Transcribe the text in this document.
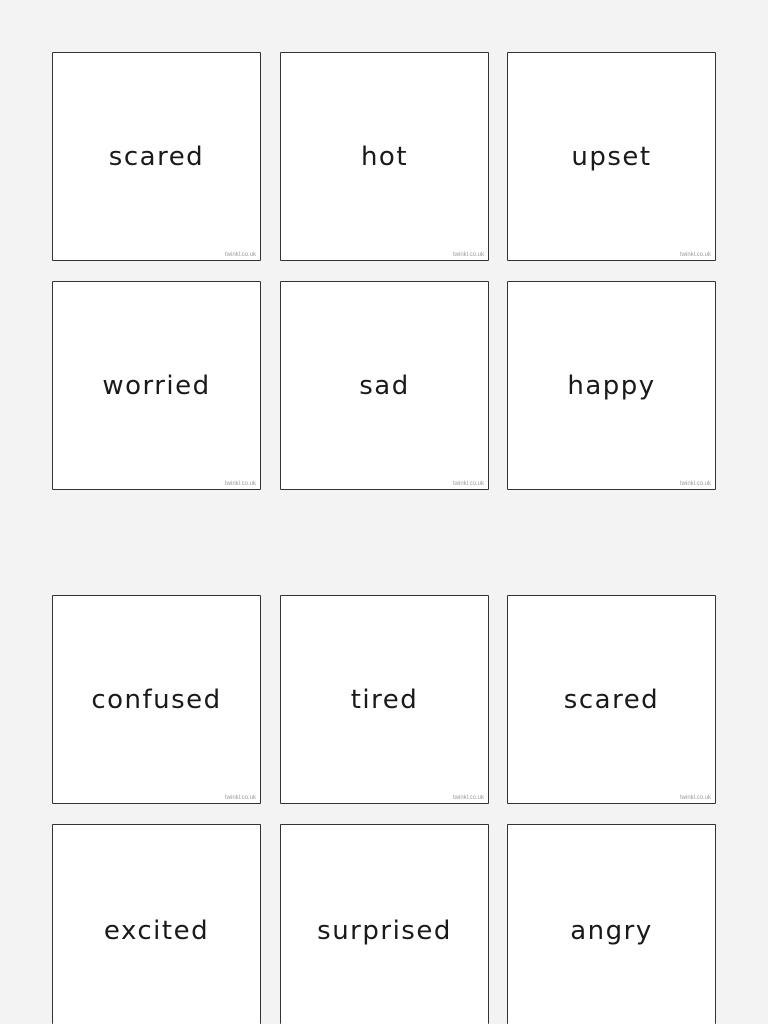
scared
twinkl.co.uk
hot
twinkl.co.uk
upset
twinkl.co.uk
worried
twinkl.co.uk
sad
twinkl.co.uk
happy
twinkl.co.uk
confused
twinkl.co.uk
tired
twinkl.co.uk
scared
twinkl.co.uk
excited	surprised	angry
